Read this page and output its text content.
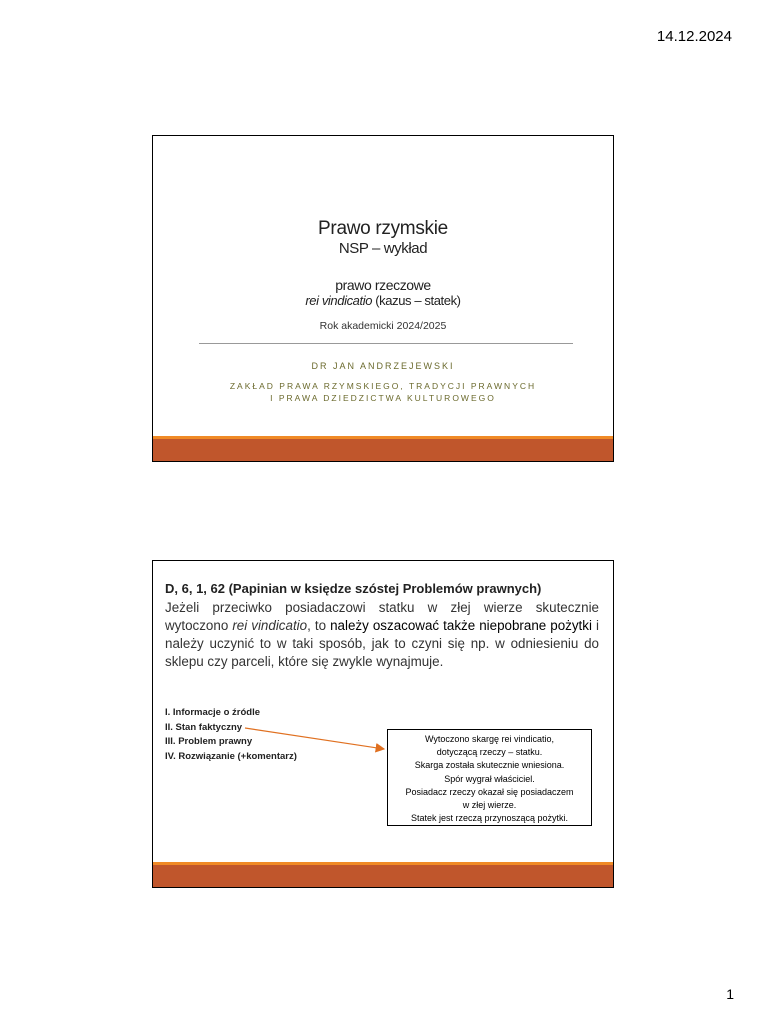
14.12.2024
Prawo rzymskie
NSP – wykład
prawo rzeczowe
rei vindicatio (kazus – statek)
Rok akademicki 2024/2025
DR JAN ANDRZEJEWSKI
ZAKŁAD PRAWA RZYMSKIEGO, TRADYCJI PRAWNYCH
I PRAWA DZIEDZICTWA KULTUROWEGO
D, 6, 1, 62 (Papinian w księdze szóstej Problemów prawnych)
Jeżeli przeciwko posiadaczowi statku w złej wierze skutecznie wytoczono rei vindicatio, to należy oszacować także niepobrane pożytki i należy uczynić to w taki sposób, jak to czyni się np. w odniesieniu do sklepu czy parceli, które się zwykle wynajmuje.
I. Informacje o źródle
II. Stan faktyczny
III. Problem prawny
IV. Rozwiązanie (+komentarz)
Wytoczono skargę rei vindicatio,
dotyczącą rzeczy – statku.
Skarga została skutecznie wniesiona.
Spór wygrał właściciel.
Posiadacz rzeczy okazał się posiadaczem
w złej wierze.
Statek jest rzeczą przynoszącą pożytki.
1
